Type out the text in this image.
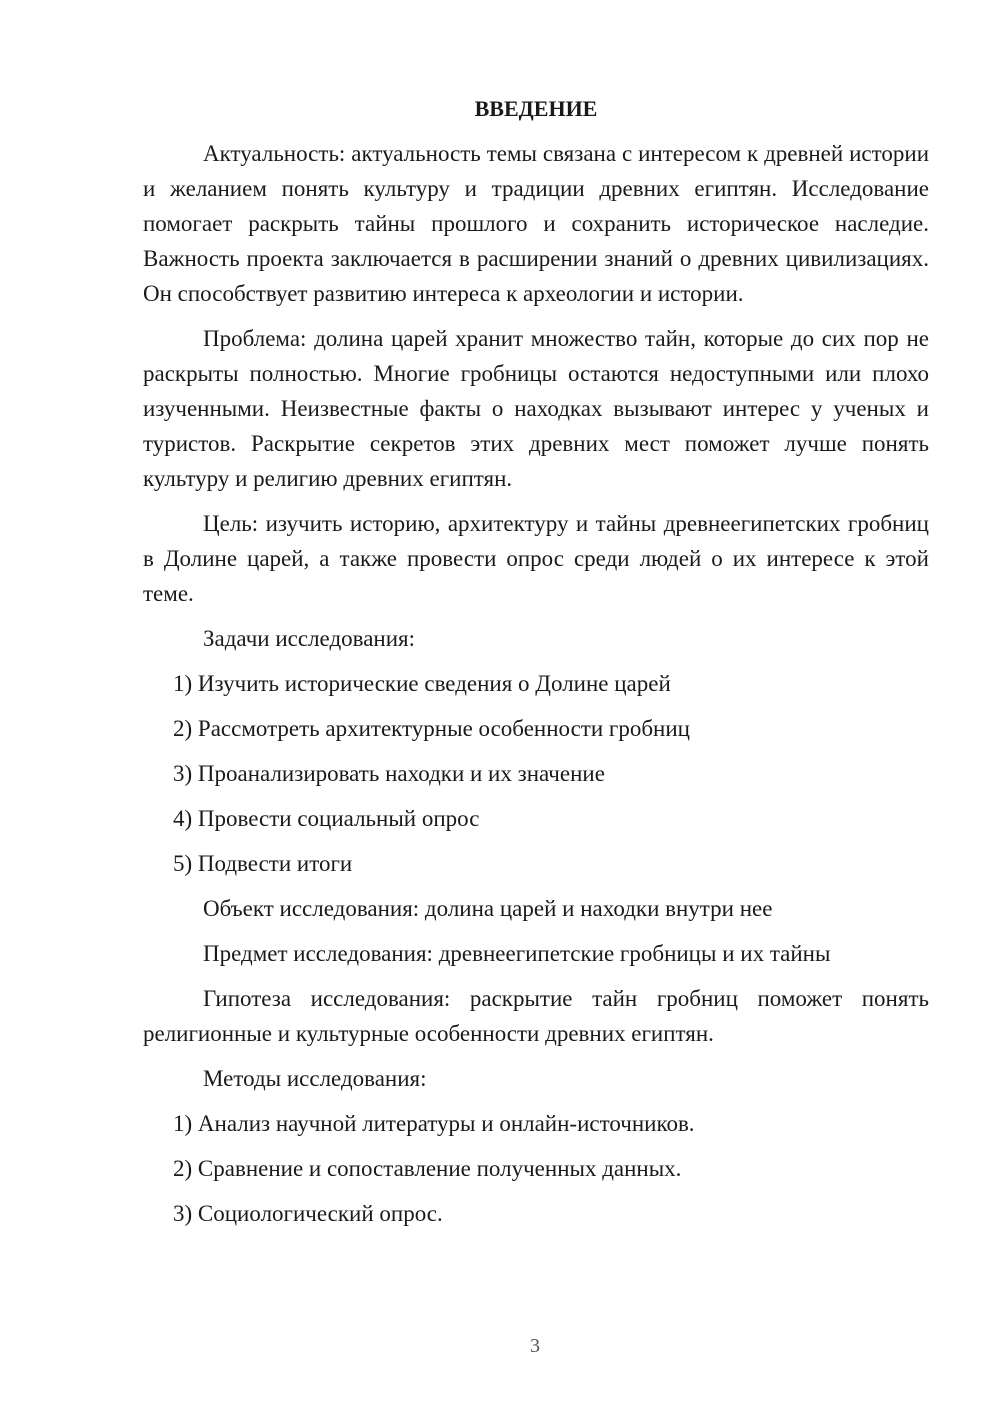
ВВЕДЕНИЕ

Актуальность: актуальность темы связана с интересом к древней истории и желанием понять культуру и традиции древних египтян. Исследование помогает раскрыть тайны прошлого и сохранить историческое наследие. Важность проекта заключается в расширении знаний о древних цивилизациях. Он способствует развитию интереса к археологии и истории.

Проблема: долина царей хранит множество тайн, которые до сих пор не раскрыты полностью. Многие гробницы остаются недоступными или плохо изученными. Неизвестные факты о находках вызывают интерес у ученых и туристов. Раскрытие секретов этих древних мест поможет лучше понять культуру и религию древних египтян.

Цель: изучить историю, архитектуру и тайны древнеегипетских гробниц в Долине царей, а также провести опрос среди людей о их интересе к этой теме.

Задачи исследования:
1) Изучить исторические сведения о Долине царей
2) Рассмотреть архитектурные особенности гробниц
3) Проанализировать находки и их значение
4) Провести социальный опрос
5) Подвести итоги
Объект исследования: долина царей и находки внутри нее
Предмет исследования: древнеегипетские гробницы и их тайны

Гипотеза исследования: раскрытие тайн гробниц поможет понять религионные и культурные особенности древних египтян.

Методы исследования:
1) Анализ научной литературы и онлайн-источников.
2) Сравнение и сопоставление полученных данных.
3) Социологический опрос.
3
